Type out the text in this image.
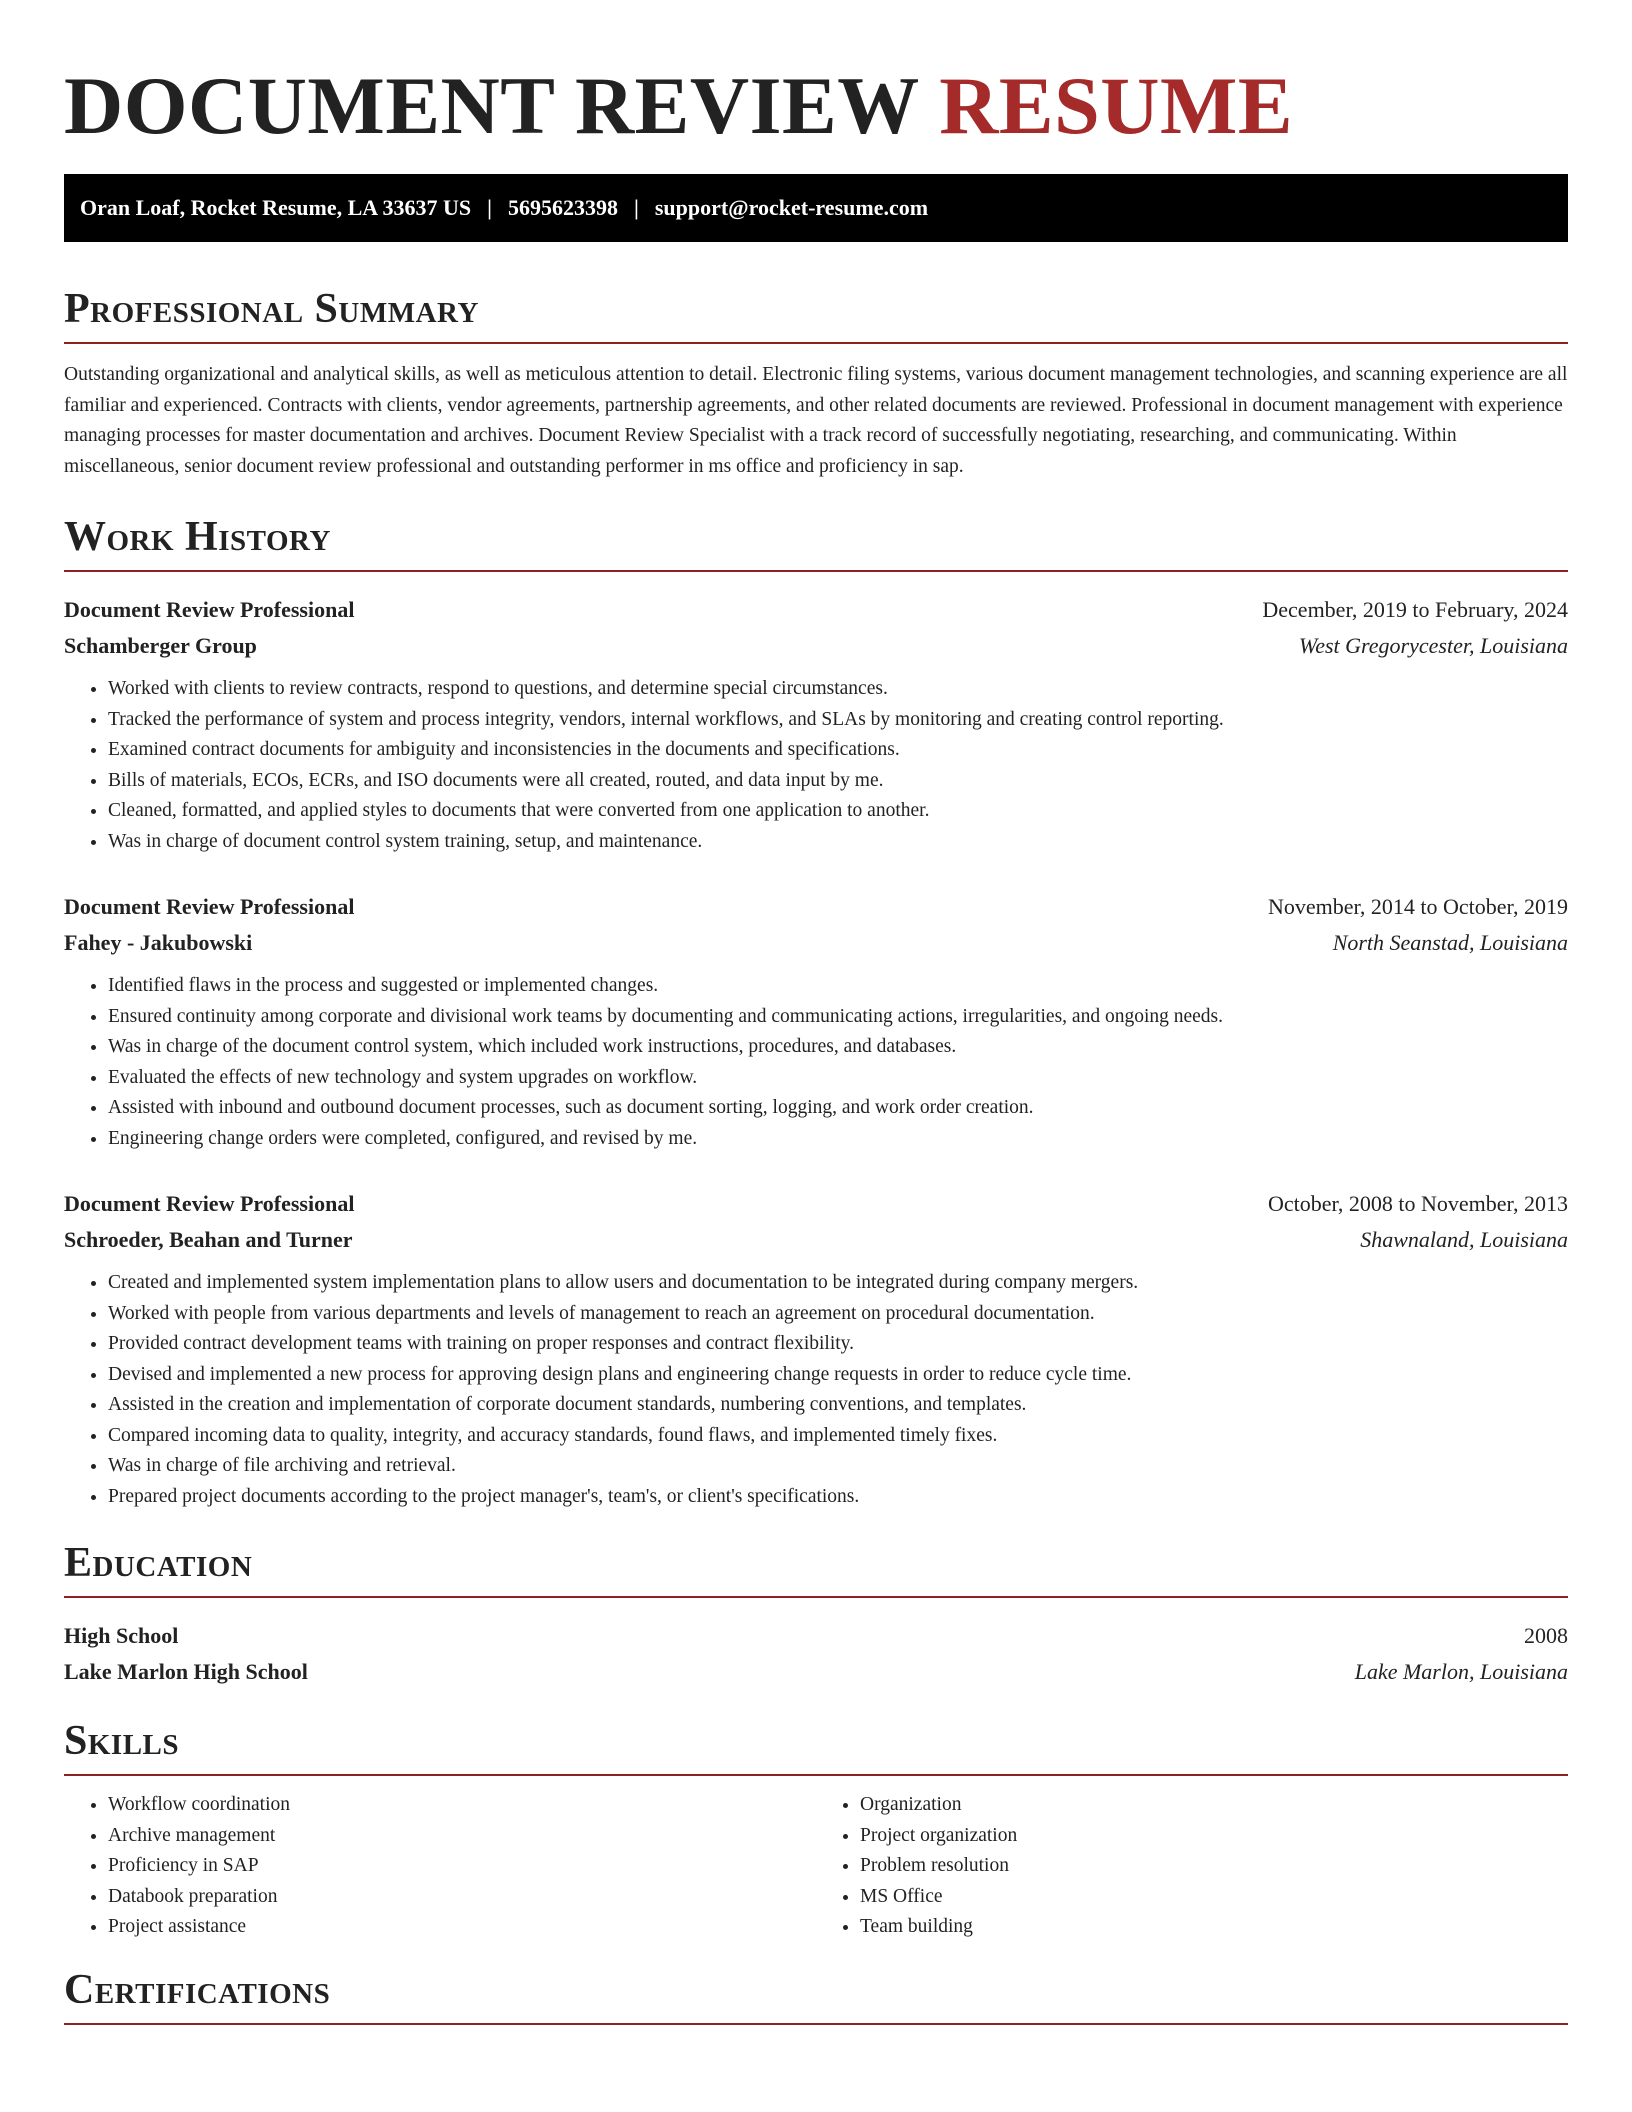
DOCUMENT REVIEW RESUME
Oran Loaf, Rocket Resume, LA 33637 US | 5695623398 | support@rocket-resume.com
Professional Summary

Outstanding organizational and analytical skills, as well as meticulous attention to detail. Electronic filing systems, various document management technologies, and scanning experience are all familiar and experienced. Contracts with clients, vendor agreements, partnership agreements, and other related documents are reviewed. Professional in document management with experience managing processes for master documentation and archives. Document Review Specialist with a track record of successfully negotiating, researching, and communicating. Within miscellaneous, senior document review professional and outstanding performer in ms office and proficiency in sap.

Work History
Document Review Professional	December, 2019 to February, 2024
Schamberger Group	West Gregorycester, Louisiana
• Worked with clients to review contracts, respond to questions, and determine special circumstances.
• Tracked the performance of system and process integrity, vendors, internal workflows, and SLAs by monitoring and creating control reporting.
• Examined contract documents for ambiguity and inconsistencies in the documents and specifications.
• Bills of materials, ECOs, ECRs, and ISO documents were all created, routed, and data input by me.
• Cleaned, formatted, and applied styles to documents that were converted from one application to another.
• Was in charge of document control system training, setup, and maintenance.
Document Review Professional	November, 2014 to October, 2019
Fahey - Jakubowski	North Seanstad, Louisiana
• Identified flaws in the process and suggested or implemented changes.
• Ensured continuity among corporate and divisional work teams by documenting and communicating actions, irregularities, and ongoing needs.
• Was in charge of the document control system, which included work instructions, procedures, and databases.
• Evaluated the effects of new technology and system upgrades on workflow.
• Assisted with inbound and outbound document processes, such as document sorting, logging, and work order creation.
• Engineering change orders were completed, configured, and revised by me.
Document Review Professional	October, 2008 to November, 2013
Schroeder, Beahan and Turner	Shawnaland, Louisiana
• Created and implemented system implementation plans to allow users and documentation to be integrated during company mergers.
• Worked with people from various departments and levels of management to reach an agreement on procedural documentation.
• Provided contract development teams with training on proper responses and contract flexibility.
• Devised and implemented a new process for approving design plans and engineering change requests in order to reduce cycle time.
• Assisted in the creation and implementation of corporate document standards, numbering conventions, and templates.
• Compared incoming data to quality, integrity, and accuracy standards, found flaws, and implemented timely fixes.
• Was in charge of file archiving and retrieval.
• Prepared project documents according to the project manager's, team's, or client's specifications.
Education
High School	2008
Lake Marlon High School	Lake Marlon, Louisiana
Skills
• Workflow coordination
• Archive management
• Proficiency in SAP
• Databook preparation
• Project assistance
• Organization
• Project organization
• Problem resolution
• MS Office
• Team building
Certifications
